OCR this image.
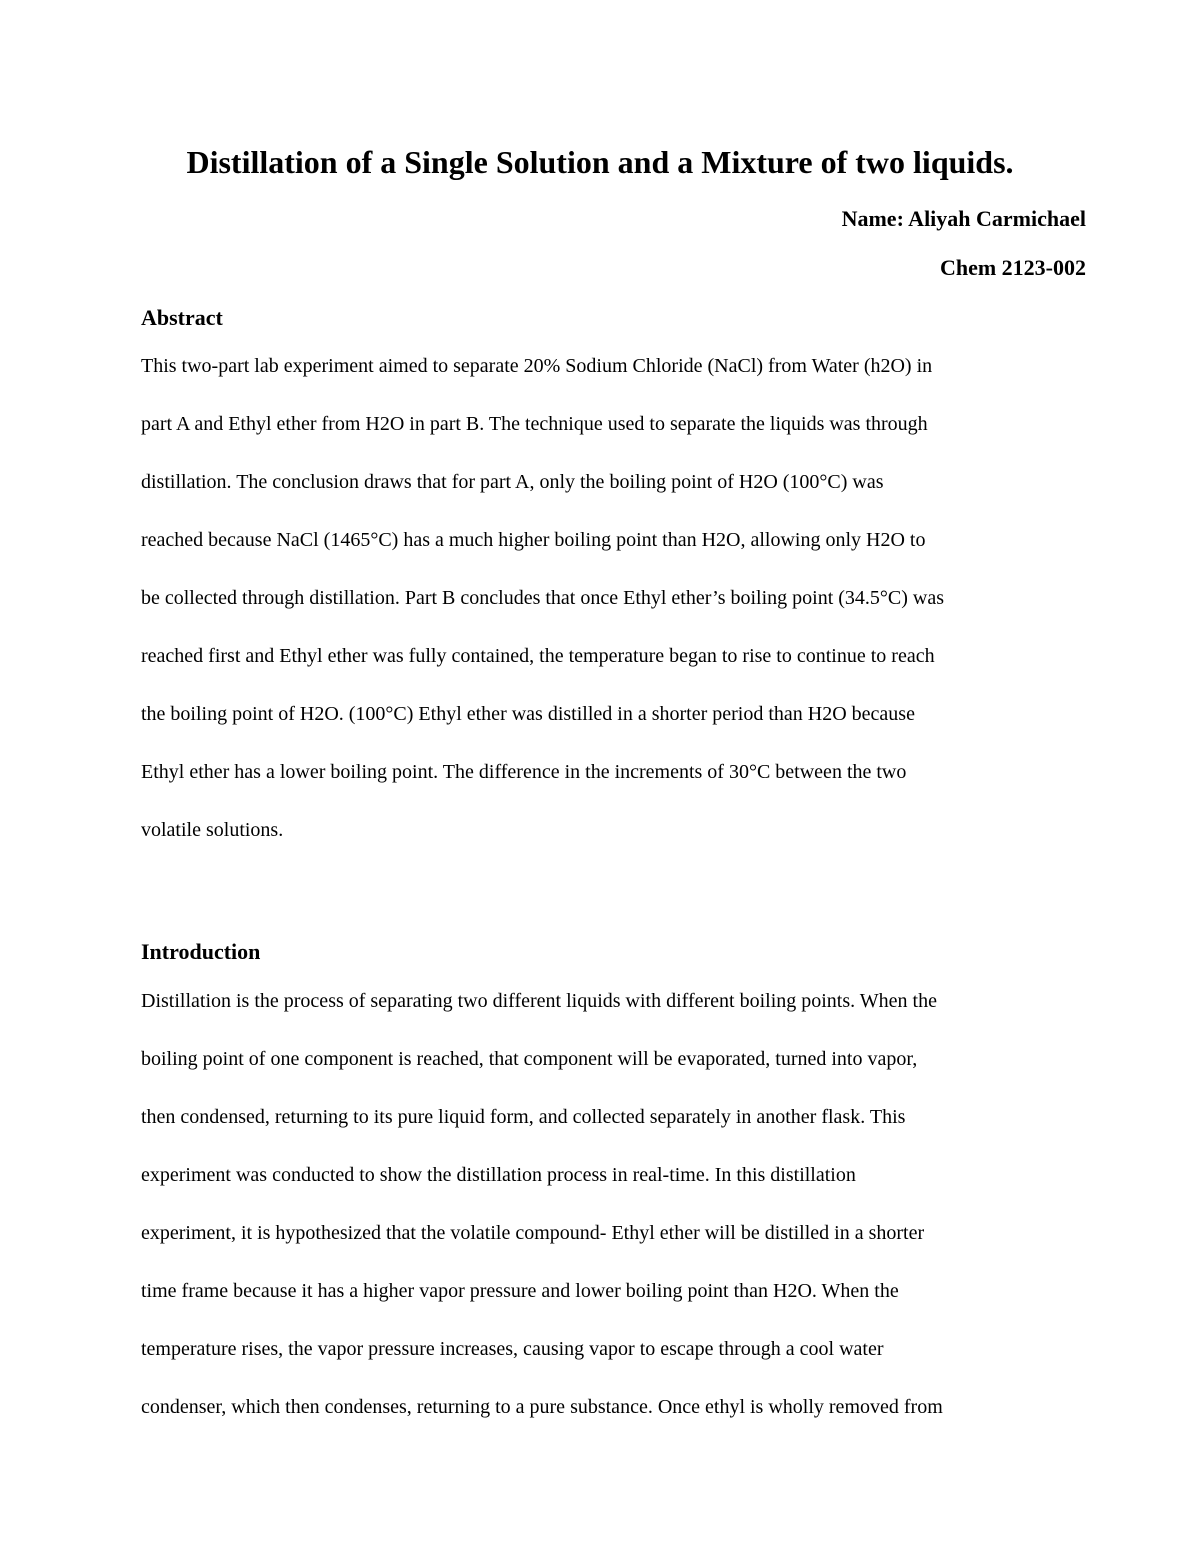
Distillation of a Single Solution and a Mixture of two liquids.
Name: Aliyah Carmichael
Chem 2123-002
Abstract
This two-part lab experiment aimed to separate 20% Sodium Chloride (NaCl) from Water (h2O) in
part A and Ethyl ether from H2O in part B. The technique used to separate the liquids was through
distillation. The conclusion draws that for part A, only the boiling point of H2O (100°C) was
reached because NaCl (1465°C) has a much higher boiling point than H2O, allowing only H2O to
be collected through distillation. Part B concludes that once Ethyl ether’s boiling point (34.5°C) was
reached first and Ethyl ether was fully contained, the temperature began to rise to continue to reach
the boiling point of H2O. (100°C) Ethyl ether was distilled in a shorter period than H2O because
Ethyl ether has a lower boiling point. The difference in the increments of 30°C between the two
volatile solutions.
Introduction
Distillation is the process of separating two different liquids with different boiling points. When the
boiling point of one component is reached, that component will be evaporated, turned into vapor,
then condensed, returning to its pure liquid form, and collected separately in another flask. This
experiment was conducted to show the distillation process in real-time. In this distillation
experiment, it is hypothesized that the volatile compound- Ethyl ether will be distilled in a shorter
time frame because it has a higher vapor pressure and lower boiling point than H2O. When the
temperature rises, the vapor pressure increases, causing vapor to escape through a cool water
condenser, which then condenses, returning to a pure substance. Once ethyl is wholly removed from
